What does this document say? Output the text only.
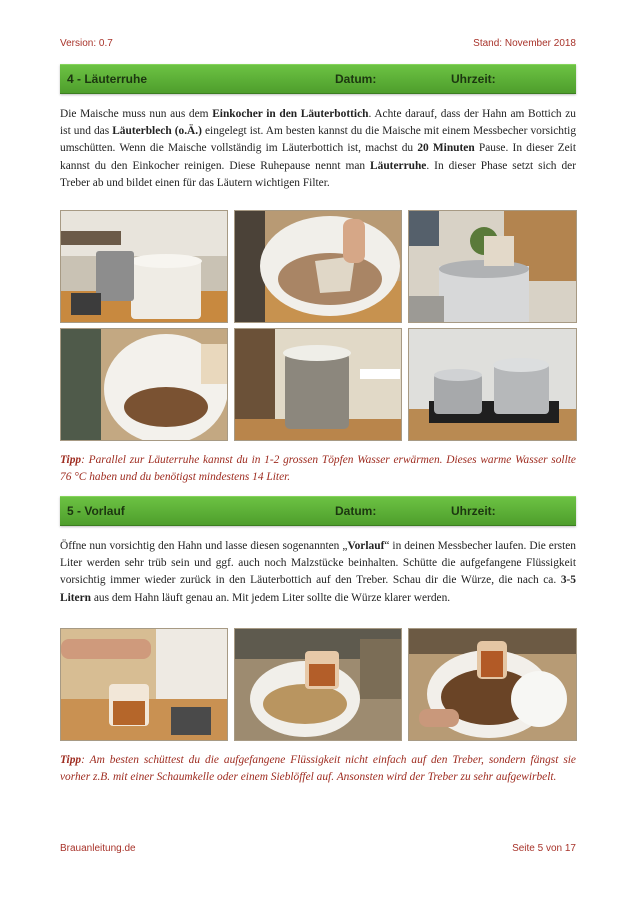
Version: 0.7	Stand: November 2018
4 - Läuterruhe	Datum:	Uhrzeit:

Die Maische muss nun aus dem Einkocher in den Läuterbottich. Achte darauf, dass der Hahn am Bottich zu ist und das Läuterblech (o.Ä.) eingelegt ist. Am besten kannst du die Maische mit einem Messbecher vorsichtig umschütten. Wenn die Maische vollständig im Läuterbottich ist, machst du 20 Minuten Pause. In dieser Zeit kannst du den Einkocher reinigen. Diese Ruhepause nennt man Läuterruhe. In dieser Phase setzt sich der Treber ab und bildet einen für das Läutern wichtigen Filter.

Tipp: Parallel zur Läuterruhe kannst du in 1-2 grossen Töpfen Wasser erwärmen. Dieses warme Wasser sollte 76 °C haben und du benötigst mindestens 14 Liter.

5 - Vorlauf	Datum:	Uhrzeit:

Öffne nun vorsichtig den Hahn und lasse diesen sogenannten „Vorlauf“ in deinen Messbecher laufen. Die ersten Liter werden sehr trüb sein und ggf. auch noch Malzstücke beinhalten. Schütte die aufgefangene Flüssigkeit vorsichtig immer wieder zurück in den Läuterbottich auf den Treber. Schau dir die Würze, die nach ca. 3-5 Litern aus dem Hahn läuft genau an. Mit jedem Liter sollte die Würze klarer werden.

Tipp: Am besten schüttest du die aufgefangene Flüssigkeit nicht einfach auf den Treber, sondern fängst sie vorher z.B. mit einer Schaumkelle oder einem Sieblöffel auf. Ansonsten wird der Treber zu sehr aufgewirbelt.

Brauanleitung.de	Seite 5 von 17
